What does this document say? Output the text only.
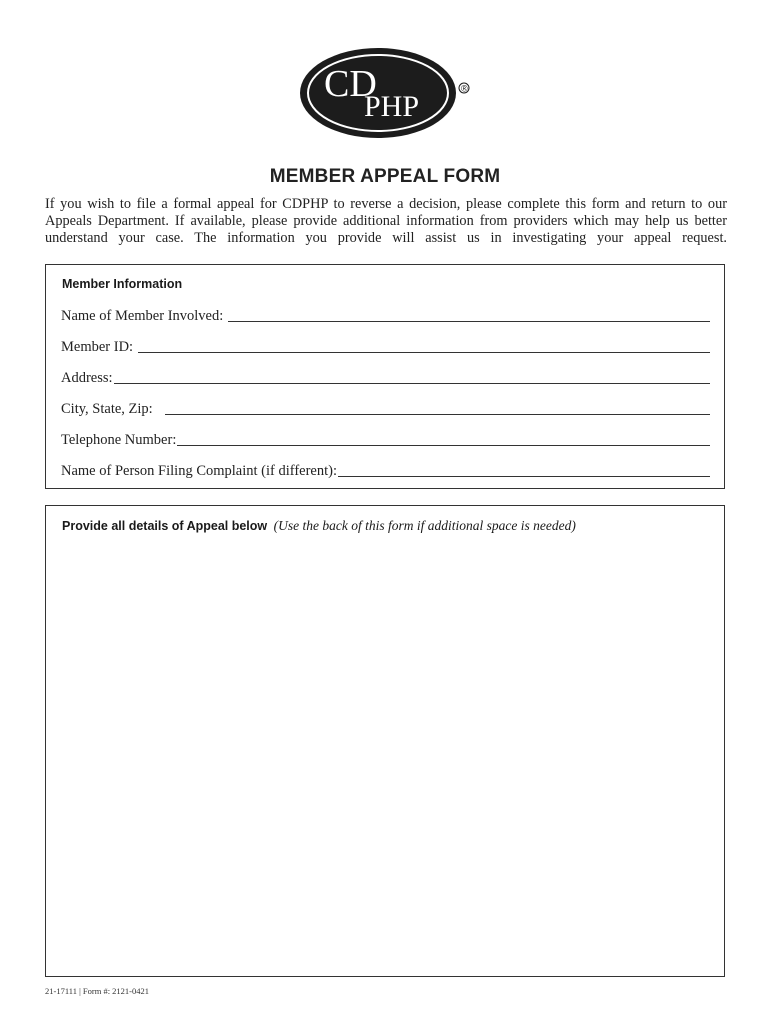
CD
PHP
®
MEMBER APPEAL FORM
If you wish to file a formal appeal for CDPHP to reverse a decision, please complete this form and return to our Appeals Department. If available, please provide additional information from providers which may help us better understand your case. The information you provide will assist us in investigating your appeal request.
Member Information
Name of Member Involved:
Member ID:
Address:
City, State, Zip:
Telephone Number:
Name of Person Filing Complaint (if different):
Provide all details of Appeal below (Use the back of this form if additional space is needed)
21-17111 | Form #: 2121-0421
